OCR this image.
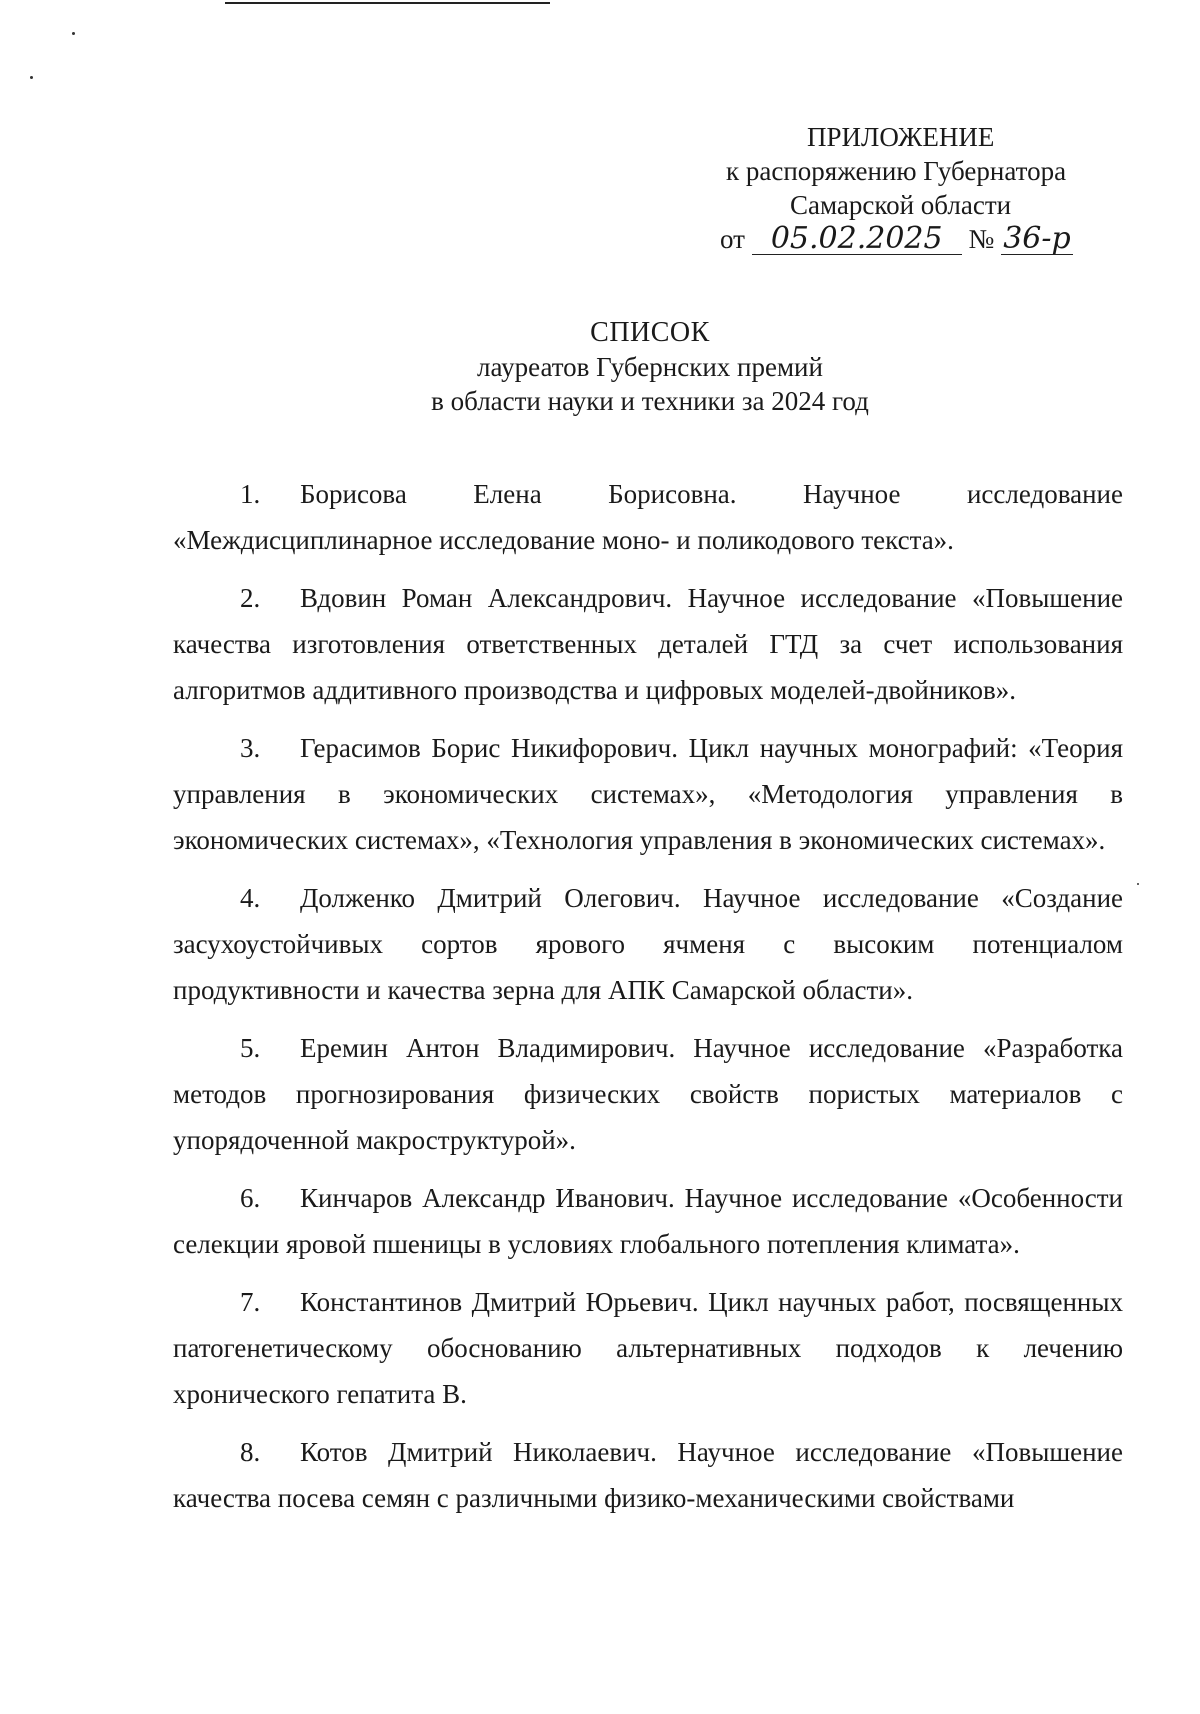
ПРИЛОЖЕНИЕ
к распоряжению Губернатора
Самарской области
от 05.02.2025 № 36-р
СПИСОК
лауреатов Губернских премий
в области науки и техники за 2024 год

1. Борисова Елена Борисовна. Научное исследование «Междисциплинарное исследование моно- и поликодового текста».

2. Вдовин Роман Александрович. Научное исследование «Повышение качества изготовления ответственных деталей ГТД за счет использования алгоритмов аддитивного производства и цифровых моделей-двойников».

3. Герасимов Борис Никифорович. Цикл научных монографий: «Теория управления в экономических системах», «Методология управления в экономических системах», «Технология управления в экономических системах».

4. Долженко Дмитрий Олегович. Научное исследование «Создание засухоустойчивых сортов ярового ячменя с высоким потенциалом продуктивности и качества зерна для АПК Самарской области».

5. Еремин Антон Владимирович. Научное исследование «Разработка методов прогнозирования физических свойств пористых материалов с упорядоченной макроструктурой».

6. Кинчаров Александр Иванович. Научное исследование «Особенности селекции яровой пшеницы в условиях глобального потепления климата».

7. Константинов Дмитрий Юрьевич. Цикл научных работ, посвященных патогенетическому обоснованию альтернативных подходов к лечению хронического гепатита В.

8. Котов Дмитрий Николаевич. Научное исследование «Повышение качества посева семян с различными физико-механическими свойствами
